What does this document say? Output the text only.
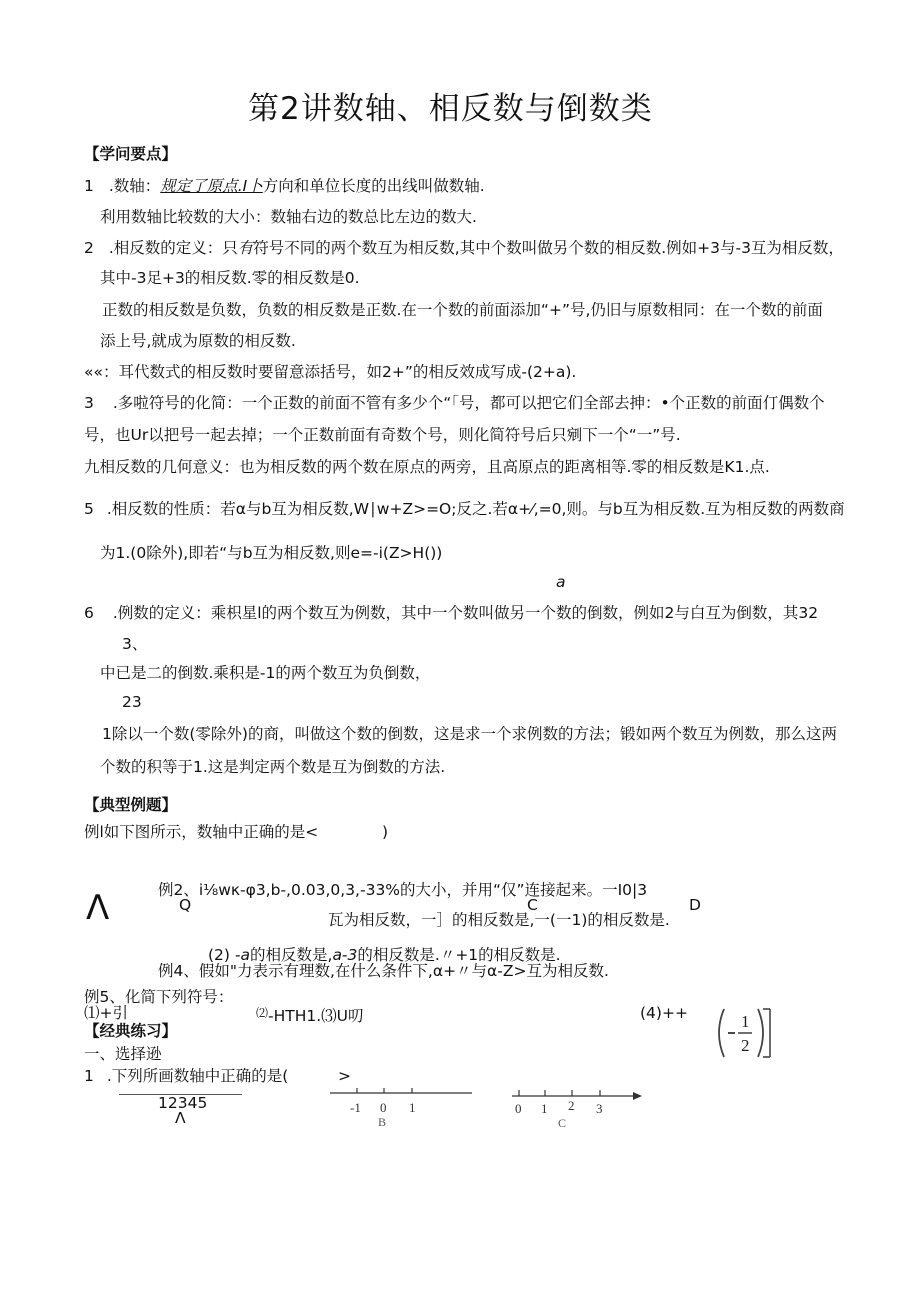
第2讲数轴、相反数与倒数类
【学问要点】
1 .数轴：规定了原点.I卜方向和单位长度的出线叫做数轴.
利用数轴比较数的大小：数轴右边的数总比左边的数大.
2 .相反数的定义：只有符号不同的两个数互为相反数,其中个数叫做另个数的相反数.例如+3与-3互为相反数，
其中-3足+3的相反数.零的相反数是0.
正数的相反数是负数，负数的相反数是正数.在一个数的前面添加“+”号,仍旧与原数相同：在一个数的前面
添上号,就成为原数的相反数.
««：耳代数式的相反数时要留意添括号，如2+”的相反效成写成-(2+a).
3 .多啦符号的化简：一个正数的前面不管有多少个“「号，都可以把它们全部去抻：•个正数的前面仃偶数个
号，也Ur以把号一起去掉；一个正数前面有奇数个号，则化简符号后只剜下一个“一”号.
九相反数的几何意义：也为相反数的两个数在原点的两旁，且高原点的距离相等.零的相反数是K1.点.
5 .相反数的性质：若α与b互为相反数,W∣w+Z>=O;反之.若α+⁄,=0,则。与b互为相反数.互为相反数的两数商
为1.(0除外),即若“与b互为相反数,则e=-i(Z>H())
a
6 .例数的定义：乘枳星l的两个数互为例数，其中一个数叫做另一个数的倒数，例如2与白互为倒数，其32
3、
中已是二的倒数.乘积是-1的两个数互为负倒数，
23
1除以一个数(零除外)的商，叫做这个数的倒数，这是求一个求例数的方法；锻如两个数互为例数，那么这两
个数的积等于1.这是判定两个数是互为倒数的方法.
【典型例题】
例l如下图所示，数轴中正确的是<	)
Λ	例2、i⅛wκ-φ3,b-,0.03,0,3,-33%的大小，并用“仅”连接起来。一I0|3
Q	C	D
瓦为相反数，一］的相反数是,一(一1)的相反数是.
(2) -a的相反数是,a-3的相反数是.〃+1的相反数是.
例4、假如"力表示有理数,在什么条件下,α+〃与α-Z>互为相反数.
例5、化简下列符号：
⑴+引	⑵-HTH1.⑶U叨	(4)++	1
2
【经典练习】
一、选择逊
1 .下列所画数轴中正确的是(	>
12345
Λ
-1 0 1
B
0 1 2 3
C
